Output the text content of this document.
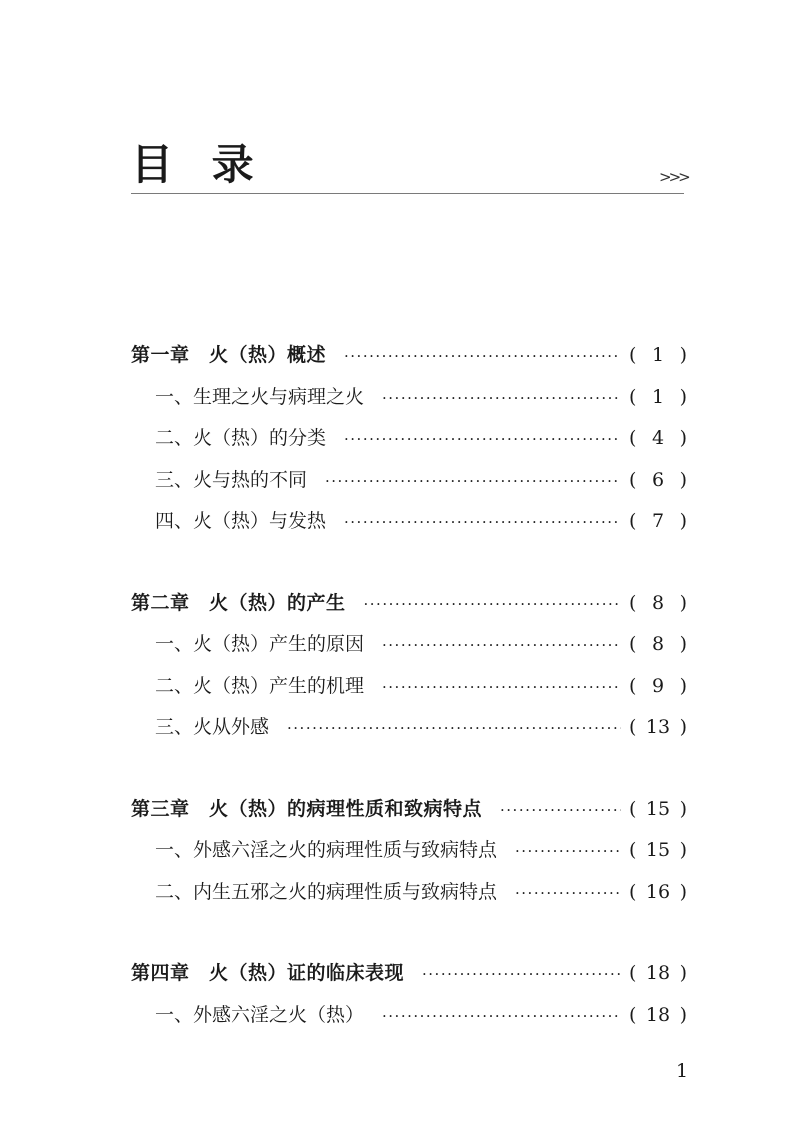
目 录	>>>
第一章　火（热）概述 ·····	( 1 )
一、生理之火与病理之火 ·····	( 1 )
二、火（热）的分类 ·····	( 4 )
三、火与热的不同 ·····	( 6 )
四、火（热）与发热 ·····	( 7 )
第二章　火（热）的产生 ·····	( 8 )
一、火（热）产生的原因 ·····	( 8 )
二、火（热）产生的机理 ·····	( 9 )
三、火从外感 ·····	( 13 )
第三章　火（热）的病理性质和致病特点 ·····	( 15 )
一、外感六淫之火的病理性质与致病特点 ·····	( 15 )
二、内生五邪之火的病理性质与致病特点 ·····	( 16 )
第四章　火（热）证的临床表现 ·····	( 18 )
一、外感六淫之火（热） ·····	( 18 )
1
